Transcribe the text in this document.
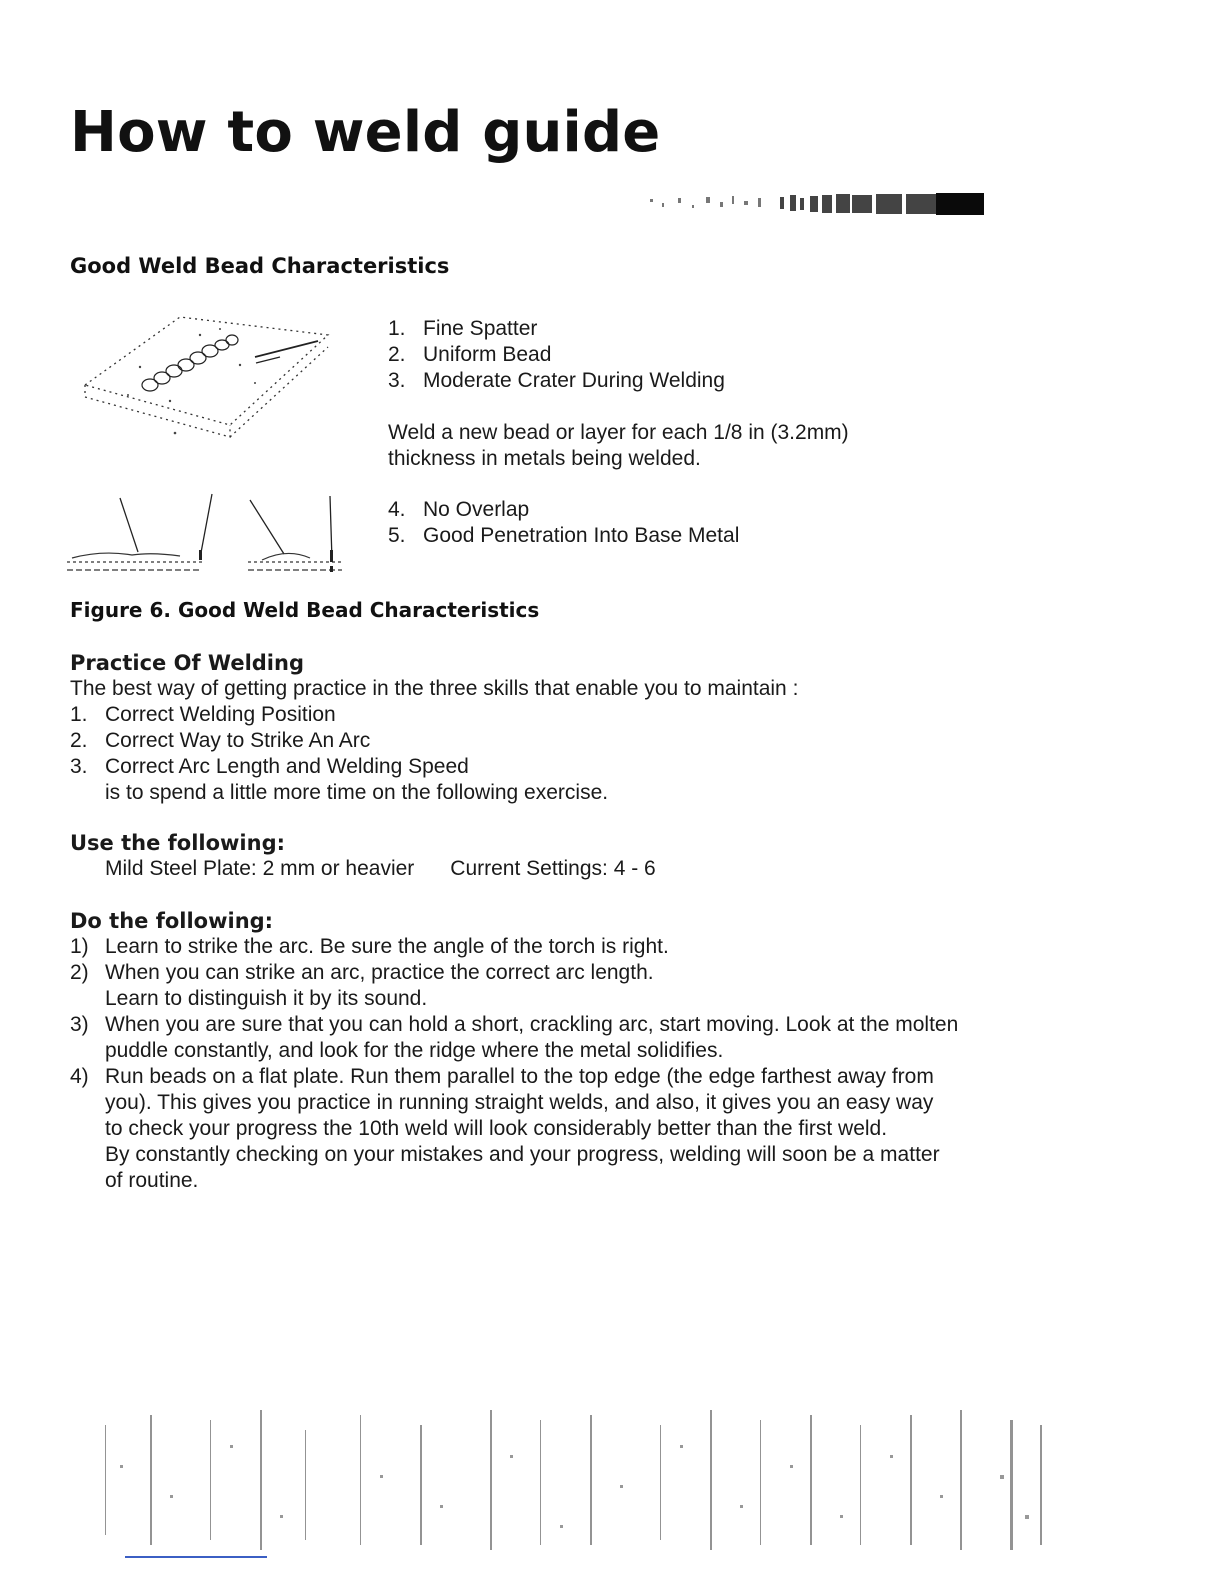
How to weld guide
Good Weld Bead Characteristics
1. Fine Spatter
2. Uniform Bead
3. Moderate Crater During Welding
Weld a new bead or layer for each 1/8 in (3.2mm)
thickness in metals being welded.
4. No Overlap
5. Good Penetration Into Base Metal

Figure 6. Good Weld Bead Characteristics

Practice Of Welding

The best way of getting practice in the three skills that enable you to maintain :

1. Correct Welding Position
2. Correct Way to Strike An Arc
3. Correct Arc Length and Welding Speed

is to spend a little more time on the following exercise.

Use the following:

Mild Steel Plate: 2 mm or heavier Current Settings: 4 - 6

Do the following:

1) Learn to strike the arc. Be sure the angle of the torch is right.
2) When you can strike an arc, practice the correct arc length.
Learn to distinguish it by its sound.
3) When you are sure that you can hold a short, crackling arc, start moving. Look at the molten
puddle constantly, and look for the ridge where the metal solidifies.
4) Run beads on a flat plate. Run them parallel to the top edge (the edge farthest away from
you). This gives you practice in running straight welds, and also, it gives you an easy way
to check your progress the 10th weld will look considerably better than the first weld.
By constantly checking on your mistakes and your progress, welding will soon be a matter
of routine.
